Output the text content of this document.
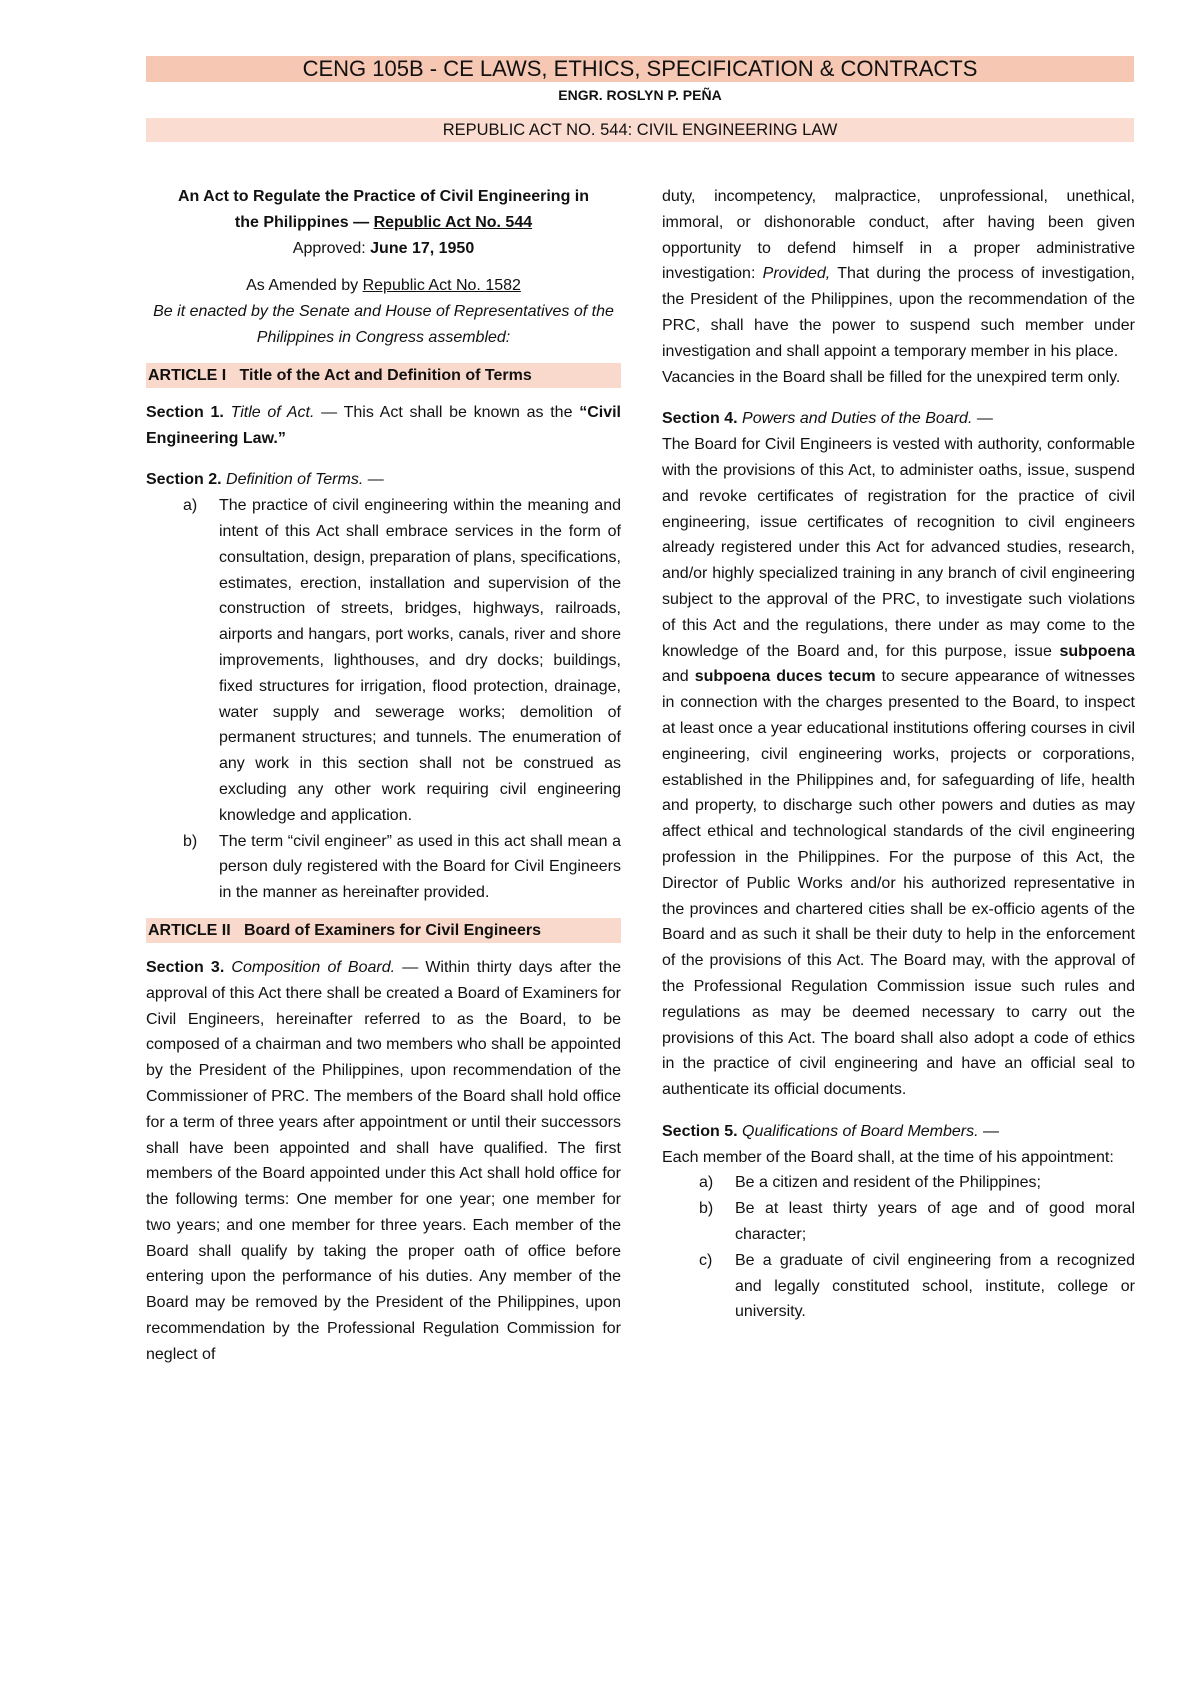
CENG 105B - CE LAWS, ETHICS, SPECIFICATION & CONTRACTS
ENGR. ROSLYN P. PEÑA
REPUBLIC ACT NO. 544: CIVIL ENGINEERING LAW
An Act to Regulate the Practice of Civil Engineering in
the Philippines — Republic Act No. 544
Approved: June 17, 1950
As Amended by Republic Act No. 1582
Be it enacted by the Senate and House of Representatives of the Philippines in Congress assembled:
ARTICLE I   Title of the Act and Definition of Terms
Section 1. Title of Act. — This Act shall be known as the “Civil Engineering Law.”
Section 2. Definition of Terms. —
a) The practice of civil engineering within the meaning and intent of this Act shall embrace services in the form of consultation, design, preparation of plans, specifications, estimates, erection, installation and supervision of the construction of streets, bridges, highways, railroads, airports and hangars, port works, canals, river and shore improvements, lighthouses, and dry docks; buildings, fixed structures for irrigation, flood protection, drainage, water supply and sewerage works; demolition of permanent structures; and tunnels. The enumeration of any work in this section shall not be construed as excluding any other work requiring civil engineering knowledge and application.
b) The term “civil engineer” as used in this act shall mean a person duly registered with the Board for Civil Engineers in the manner as hereinafter provided.
ARTICLE II   Board of Examiners for Civil Engineers
Section 3. Composition of Board. — Within thirty days after the approval of this Act there shall be created a Board of Examiners for Civil Engineers, hereinafter referred to as the Board, to be composed of a chairman and two members who shall be appointed by the President of the Philippines, upon recommendation of the Commissioner of PRC. The members of the Board shall hold office for a term of three years after appointment or until their successors shall have been appointed and shall have qualified. The first members of the Board appointed under this Act shall hold office for the following terms: One member for one year; one member for two years; and one member for three years. Each member of the Board shall qualify by taking the proper oath of office before entering upon the performance of his duties. Any member of the Board may be removed by the President of the Philippines, upon recommendation by the Professional Regulation Commission for neglect of
duty, incompetency, malpractice, unprofessional, unethical, immoral, or dishonorable conduct, after having been given opportunity to defend himself in a proper administrative investigation: Provided, That during the process of investigation, the President of the Philippines, upon the recommendation of the PRC, shall have the power to suspend such member under investigation and shall appoint a temporary member in his place.
Vacancies in the Board shall be filled for the unexpired term only.
Section 4. Powers and Duties of the Board. —
The Board for Civil Engineers is vested with authority, conformable with the provisions of this Act, to administer oaths, issue, suspend and revoke certificates of registration for the practice of civil engineering, issue certificates of recognition to civil engineers already registered under this Act for advanced studies, research, and/or highly specialized training in any branch of civil engineering subject to the approval of the PRC, to investigate such violations of this Act and the regulations, there under as may come to the knowledge of the Board and, for this purpose, issue subpoena and subpoena duces tecum to secure appearance of witnesses in connection with the charges presented to the Board, to inspect at least once a year educational institutions offering courses in civil engineering, civil engineering works, projects or corporations, established in the Philippines and, for safeguarding of life, health and property, to discharge such other powers and duties as may affect ethical and technological standards of the civil engineering profession in the Philippines. For the purpose of this Act, the Director of Public Works and/or his authorized representative in the provinces and chartered cities shall be ex-officio agents of the Board and as such it shall be their duty to help in the enforcement of the provisions of this Act. The Board may, with the approval of the Professional Regulation Commission issue such rules and regulations as may be deemed necessary to carry out the provisions of this Act. The board shall also adopt a code of ethics in the practice of civil engineering and have an official seal to authenticate its official documents.
Section 5. Qualifications of Board Members. —
Each member of the Board shall, at the time of his appointment:
a) Be a citizen and resident of the Philippines;
b) Be at least thirty years of age and of good moral character;
c) Be a graduate of civil engineering from a recognized and legally constituted school, institute, college or university.
